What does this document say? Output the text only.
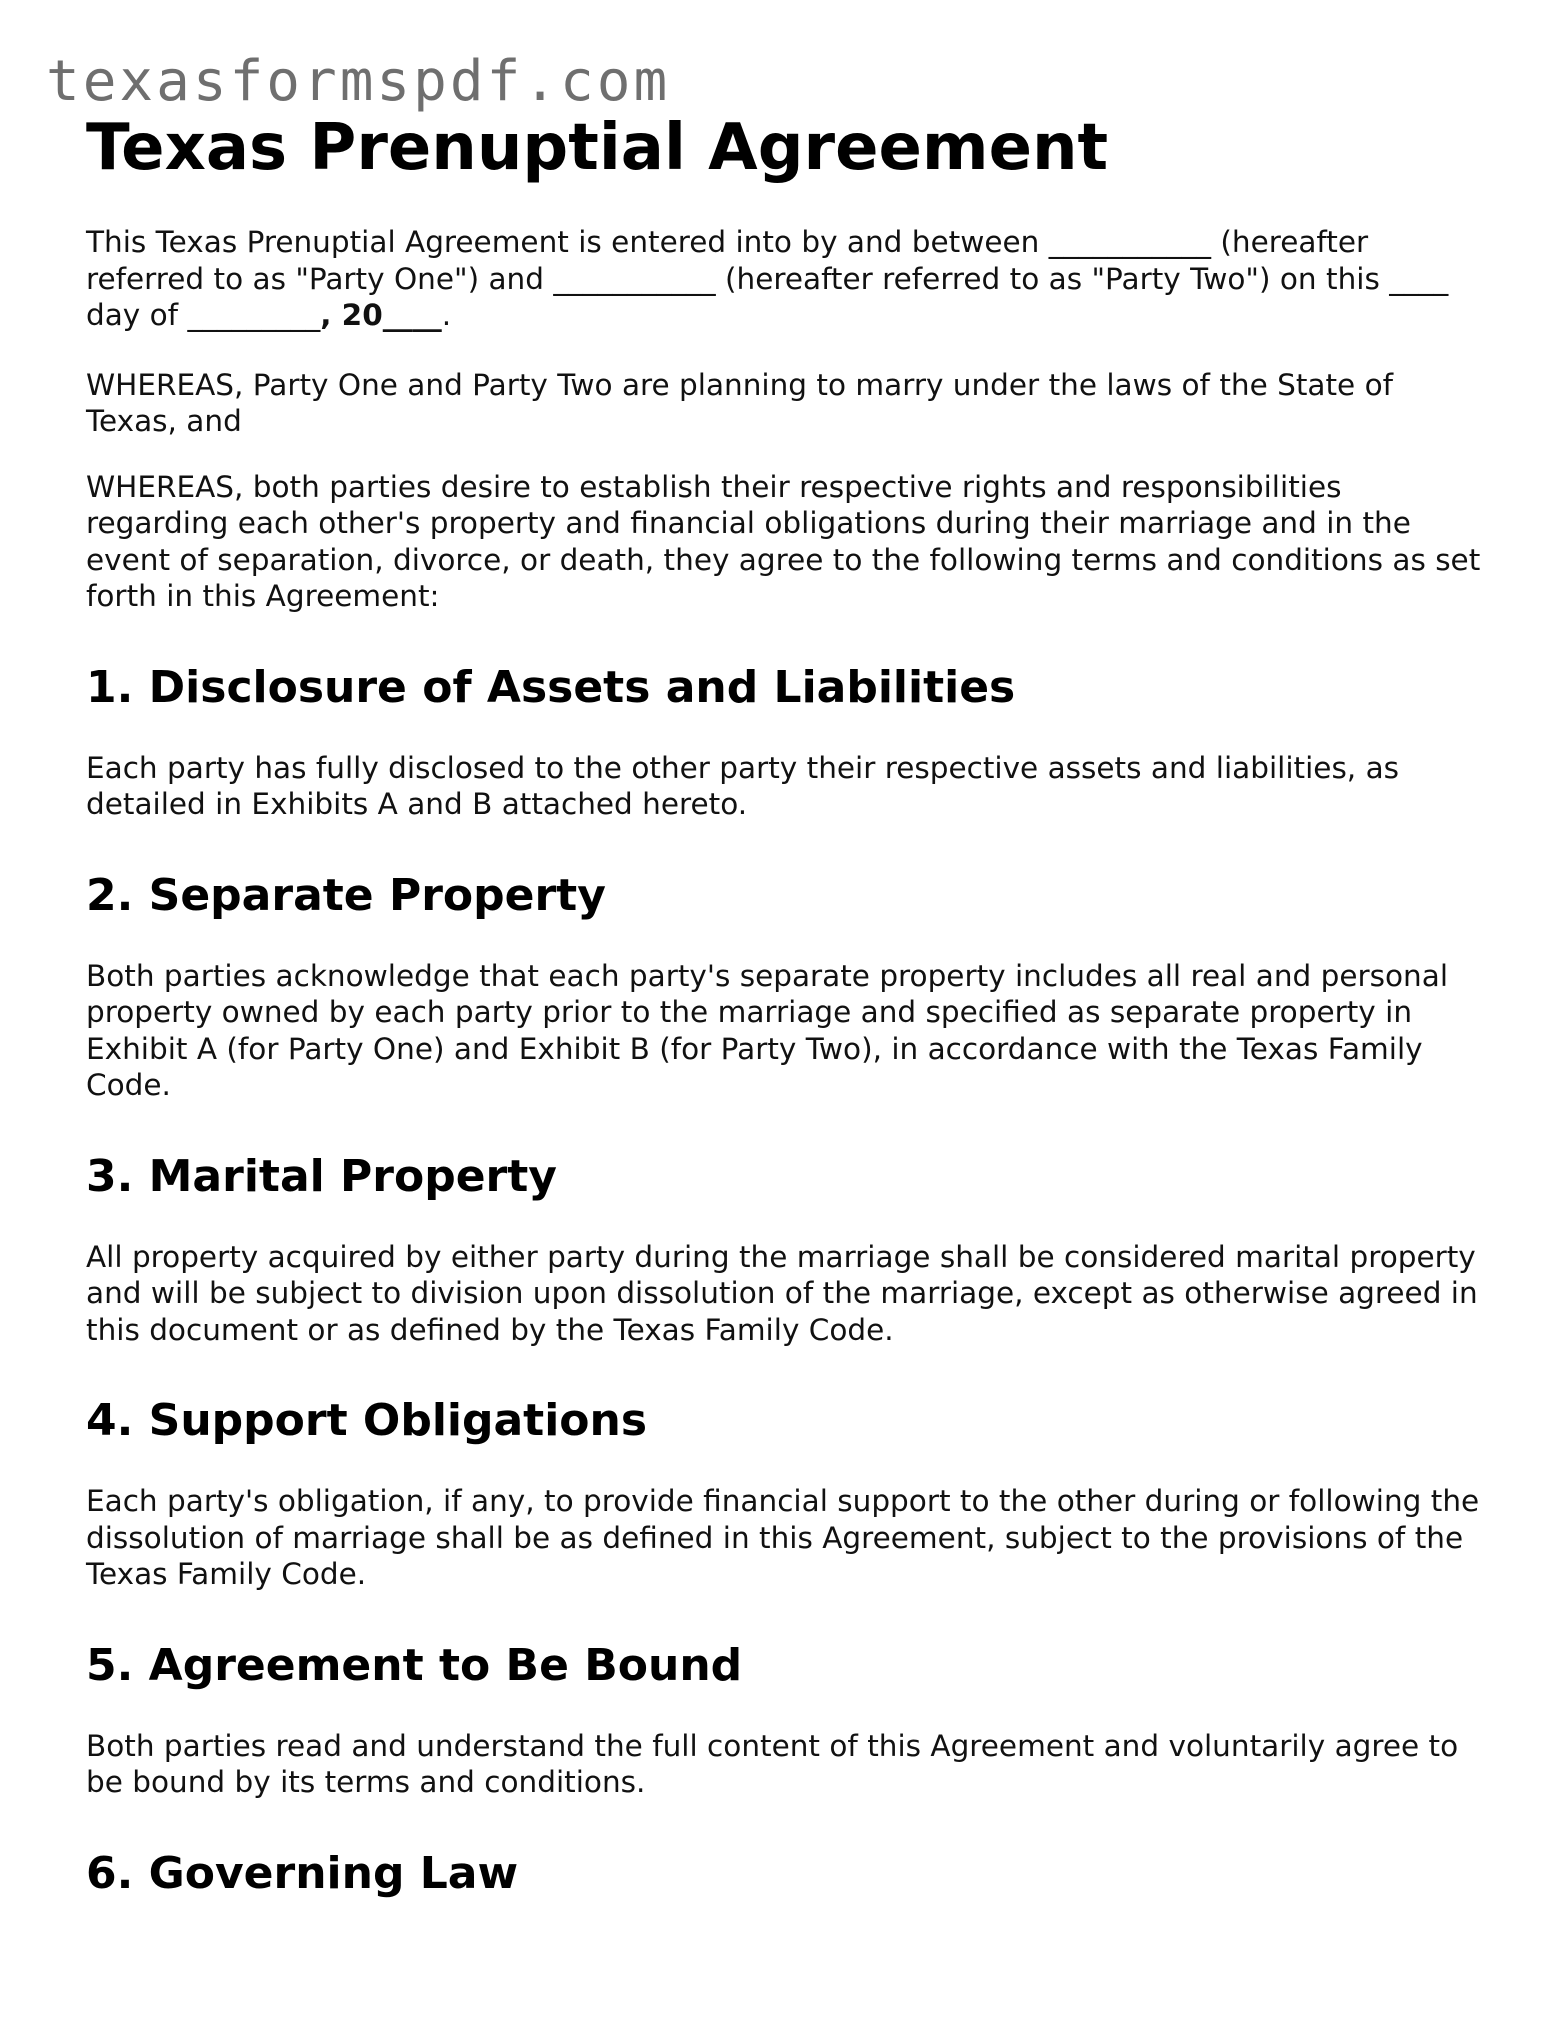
texasformspdf.com
Texas Prenuptial Agreement

This Texas Prenuptial Agreement is entered into by and between ___________ (hereafter referred to as "Party One") and ___________ (hereafter referred to as "Party Two") on this ____ day of _________, 20____.

WHEREAS, Party One and Party Two are planning to marry under the laws of the State of Texas, and

WHEREAS, both parties desire to establish their respective rights and responsibilities regarding each other's property and financial obligations during their marriage and in the event of separation, divorce, or death, they agree to the following terms and conditions as set forth in this Agreement:

1. Disclosure of Assets and Liabilities

Each party has fully disclosed to the other party their respective assets and liabilities, as detailed in Exhibits A and B attached hereto.

2. Separate Property

Both parties acknowledge that each party's separate property includes all real and personal property owned by each party prior to the marriage and specified as separate property in Exhibit A (for Party One) and Exhibit B (for Party Two), in accordance with the Texas Family Code.

3. Marital Property

All property acquired by either party during the marriage shall be considered marital property and will be subject to division upon dissolution of the marriage, except as otherwise agreed in this document or as defined by the Texas Family Code.

4. Support Obligations

Each party's obligation, if any, to provide financial support to the other during or following the dissolution of marriage shall be as defined in this Agreement, subject to the provisions of the Texas Family Code.

5. Agreement to Be Bound

Both parties read and understand the full content of this Agreement and voluntarily agree to be bound by its terms and conditions.

6. Governing Law
